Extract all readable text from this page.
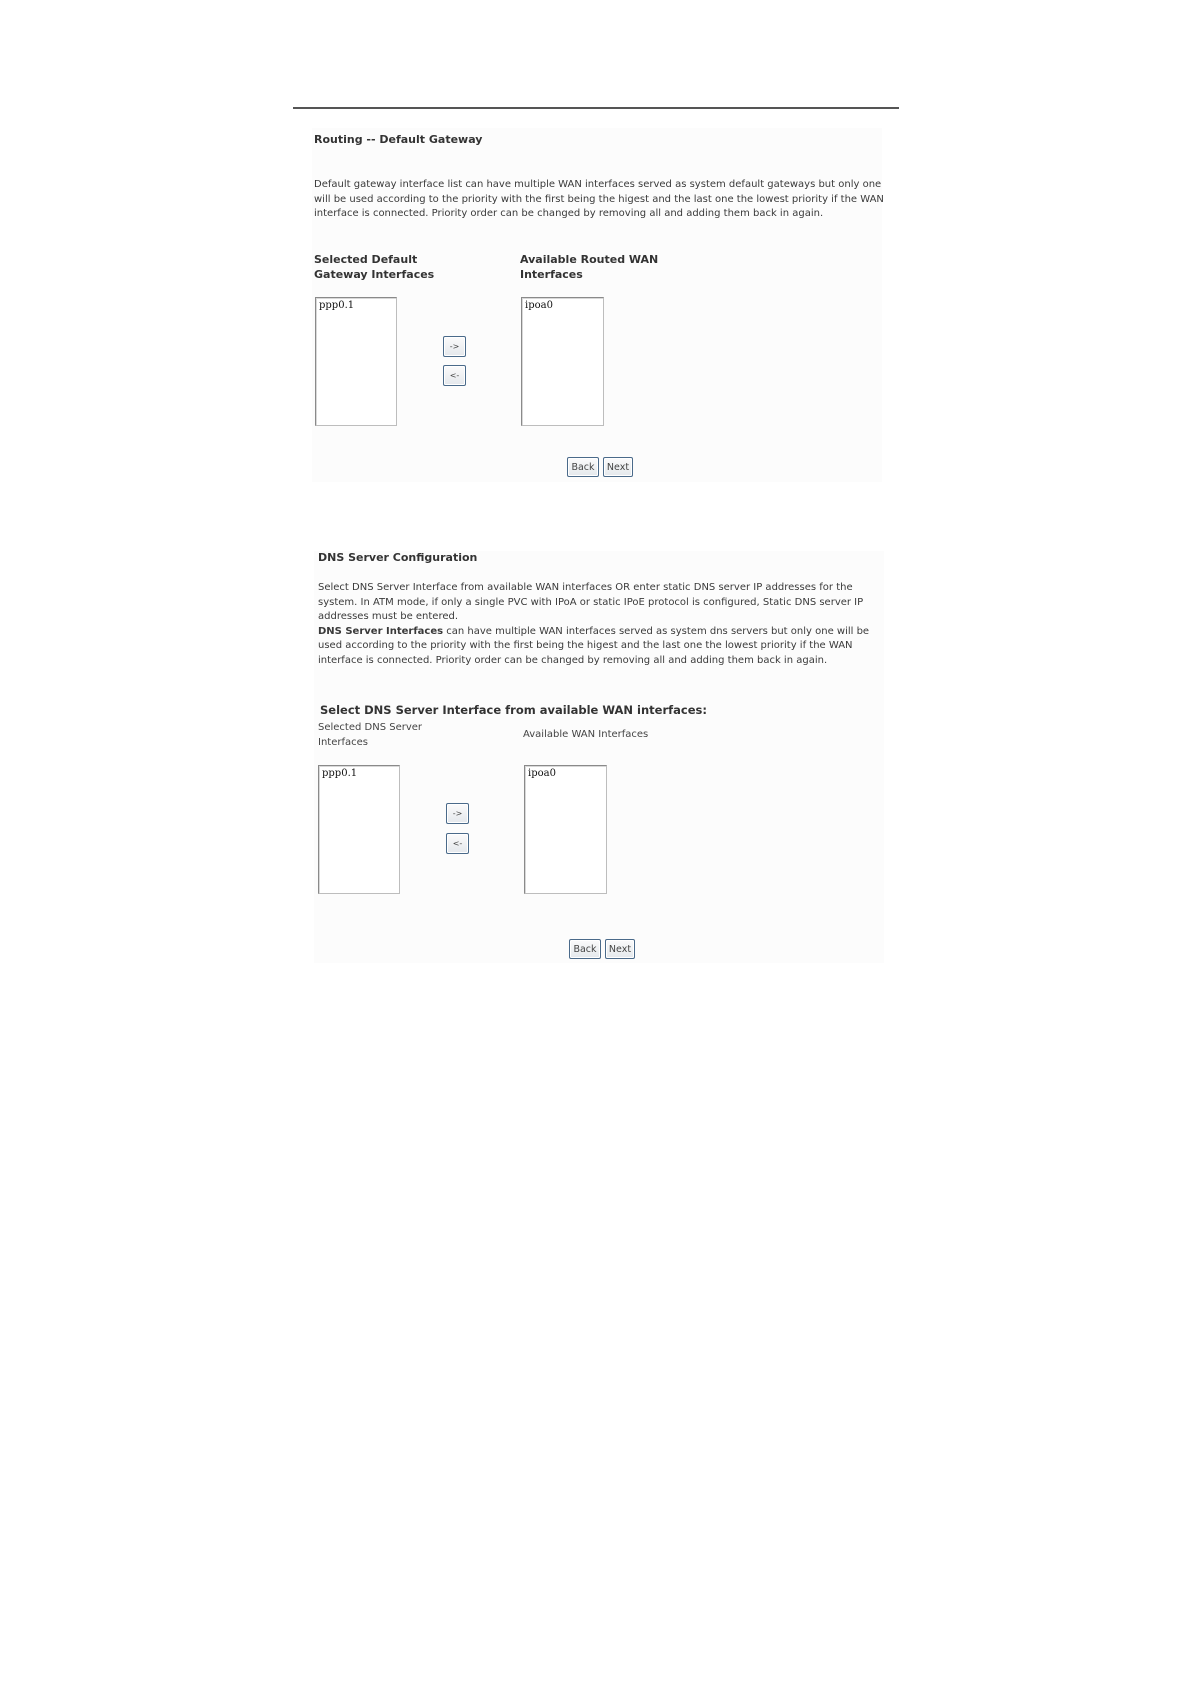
Routing -- Default Gateway
Default gateway interface list can have multiple WAN interfaces served as system default gateways but only one will be used according to the priority with the first being the higest and the last one the lowest priority if the WAN interface is connected. Priority order can be changed by removing all and adding them back in again.
Selected Default
Gateway Interfaces
Available Routed WAN
Interfaces
ppp0.1
->
<-
ipoa0
Back	Next
DNS Server Configuration
Select DNS Server Interface from available WAN interfaces OR enter static DNS server IP addresses for the system. In ATM mode, if only a single PVC with IPoA or static IPoE protocol is configured, Static DNS server IP addresses must be entered.
DNS Server Interfaces can have multiple WAN interfaces served as system dns servers but only one will be used according to the priority with the first being the higest and the last one the lowest priority if the WAN interface is connected. Priority order can be changed by removing all and adding them back in again.
Select DNS Server Interface from available WAN interfaces:
Selected DNS Server
Interfaces
Available WAN Interfaces
ppp0.1
->
<-
ipoa0
Back	Next
